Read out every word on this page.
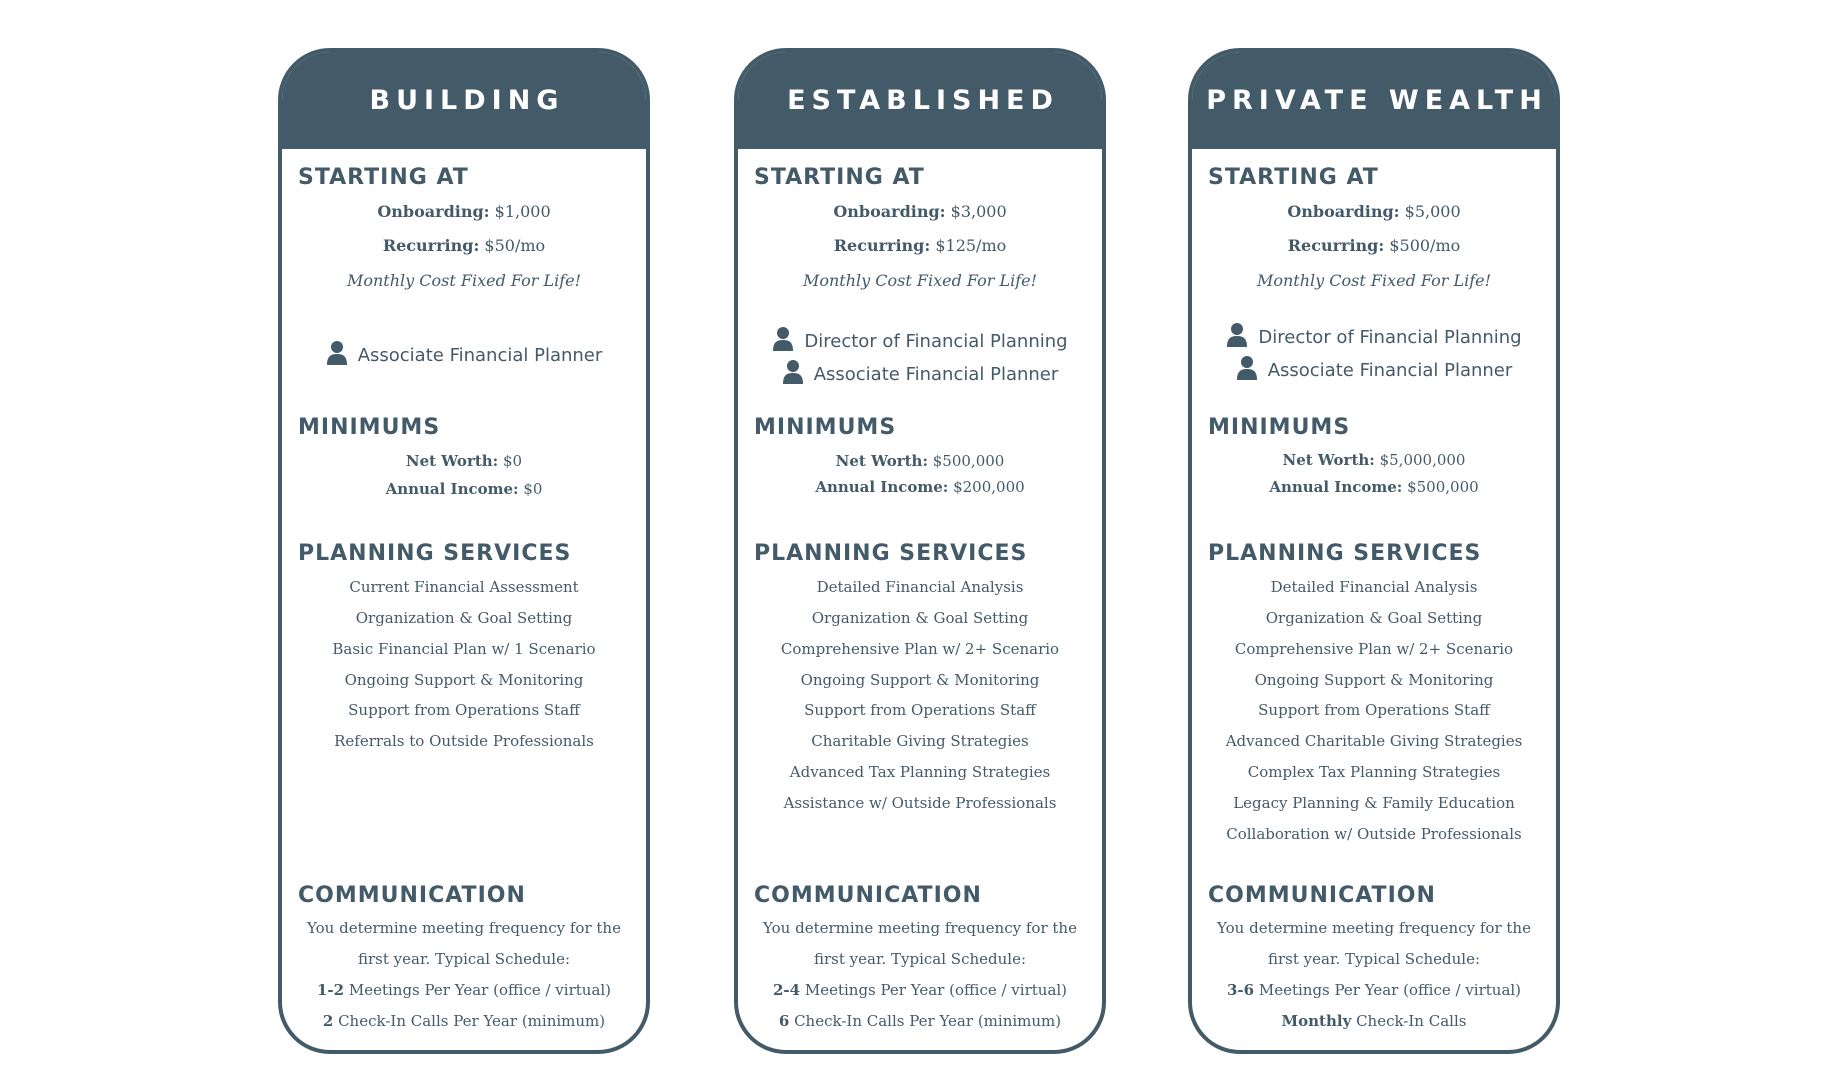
BUILDING
STARTING AT
Onboarding: $1,000
Recurring: $50/mo
Monthly Cost Fixed For Life!
Associate Financial Planner
MINIMUMS
Net Worth: $0
Annual Income: $0
PLANNING SERVICES
Current Financial Assessment
Organization & Goal Setting
Basic Financial Plan w/ 1 Scenario
Ongoing Support & Monitoring
Support from Operations Staff
Referrals to Outside Professionals
COMMUNICATION
You determine meeting frequency for the
first year. Typical Schedule:
1-2 Meetings Per Year (office / virtual)
2 Check-In Calls Per Year (minimum)
ESTABLISHED
STARTING AT
Onboarding: $3,000
Recurring: $125/mo
Monthly Cost Fixed For Life!
Director of Financial Planning
Associate Financial Planner
MINIMUMS
Net Worth: $500,000
Annual Income: $200,000
PLANNING SERVICES
Detailed Financial Analysis
Organization & Goal Setting
Comprehensive Plan w/ 2+ Scenario
Ongoing Support & Monitoring
Support from Operations Staff
Charitable Giving Strategies
Advanced Tax Planning Strategies
Assistance w/ Outside Professionals
COMMUNICATION
You determine meeting frequency for the
first year. Typical Schedule:
2-4 Meetings Per Year (office / virtual)
6 Check-In Calls Per Year (minimum)
PRIVATE WEALTH
STARTING AT
Onboarding: $5,000
Recurring: $500/mo
Monthly Cost Fixed For Life!
Director of Financial Planning
Associate Financial Planner
MINIMUMS
Net Worth: $5,000,000
Annual Income: $500,000
PLANNING SERVICES
Detailed Financial Analysis
Organization & Goal Setting
Comprehensive Plan w/ 2+ Scenario
Ongoing Support & Monitoring
Support from Operations Staff
Advanced Charitable Giving Strategies
Complex Tax Planning Strategies
Legacy Planning & Family Education
Collaboration w/ Outside Professionals
COMMUNICATION
You determine meeting frequency for the
first year. Typical Schedule:
3-6 Meetings Per Year (office / virtual)
Monthly Check-In Calls
